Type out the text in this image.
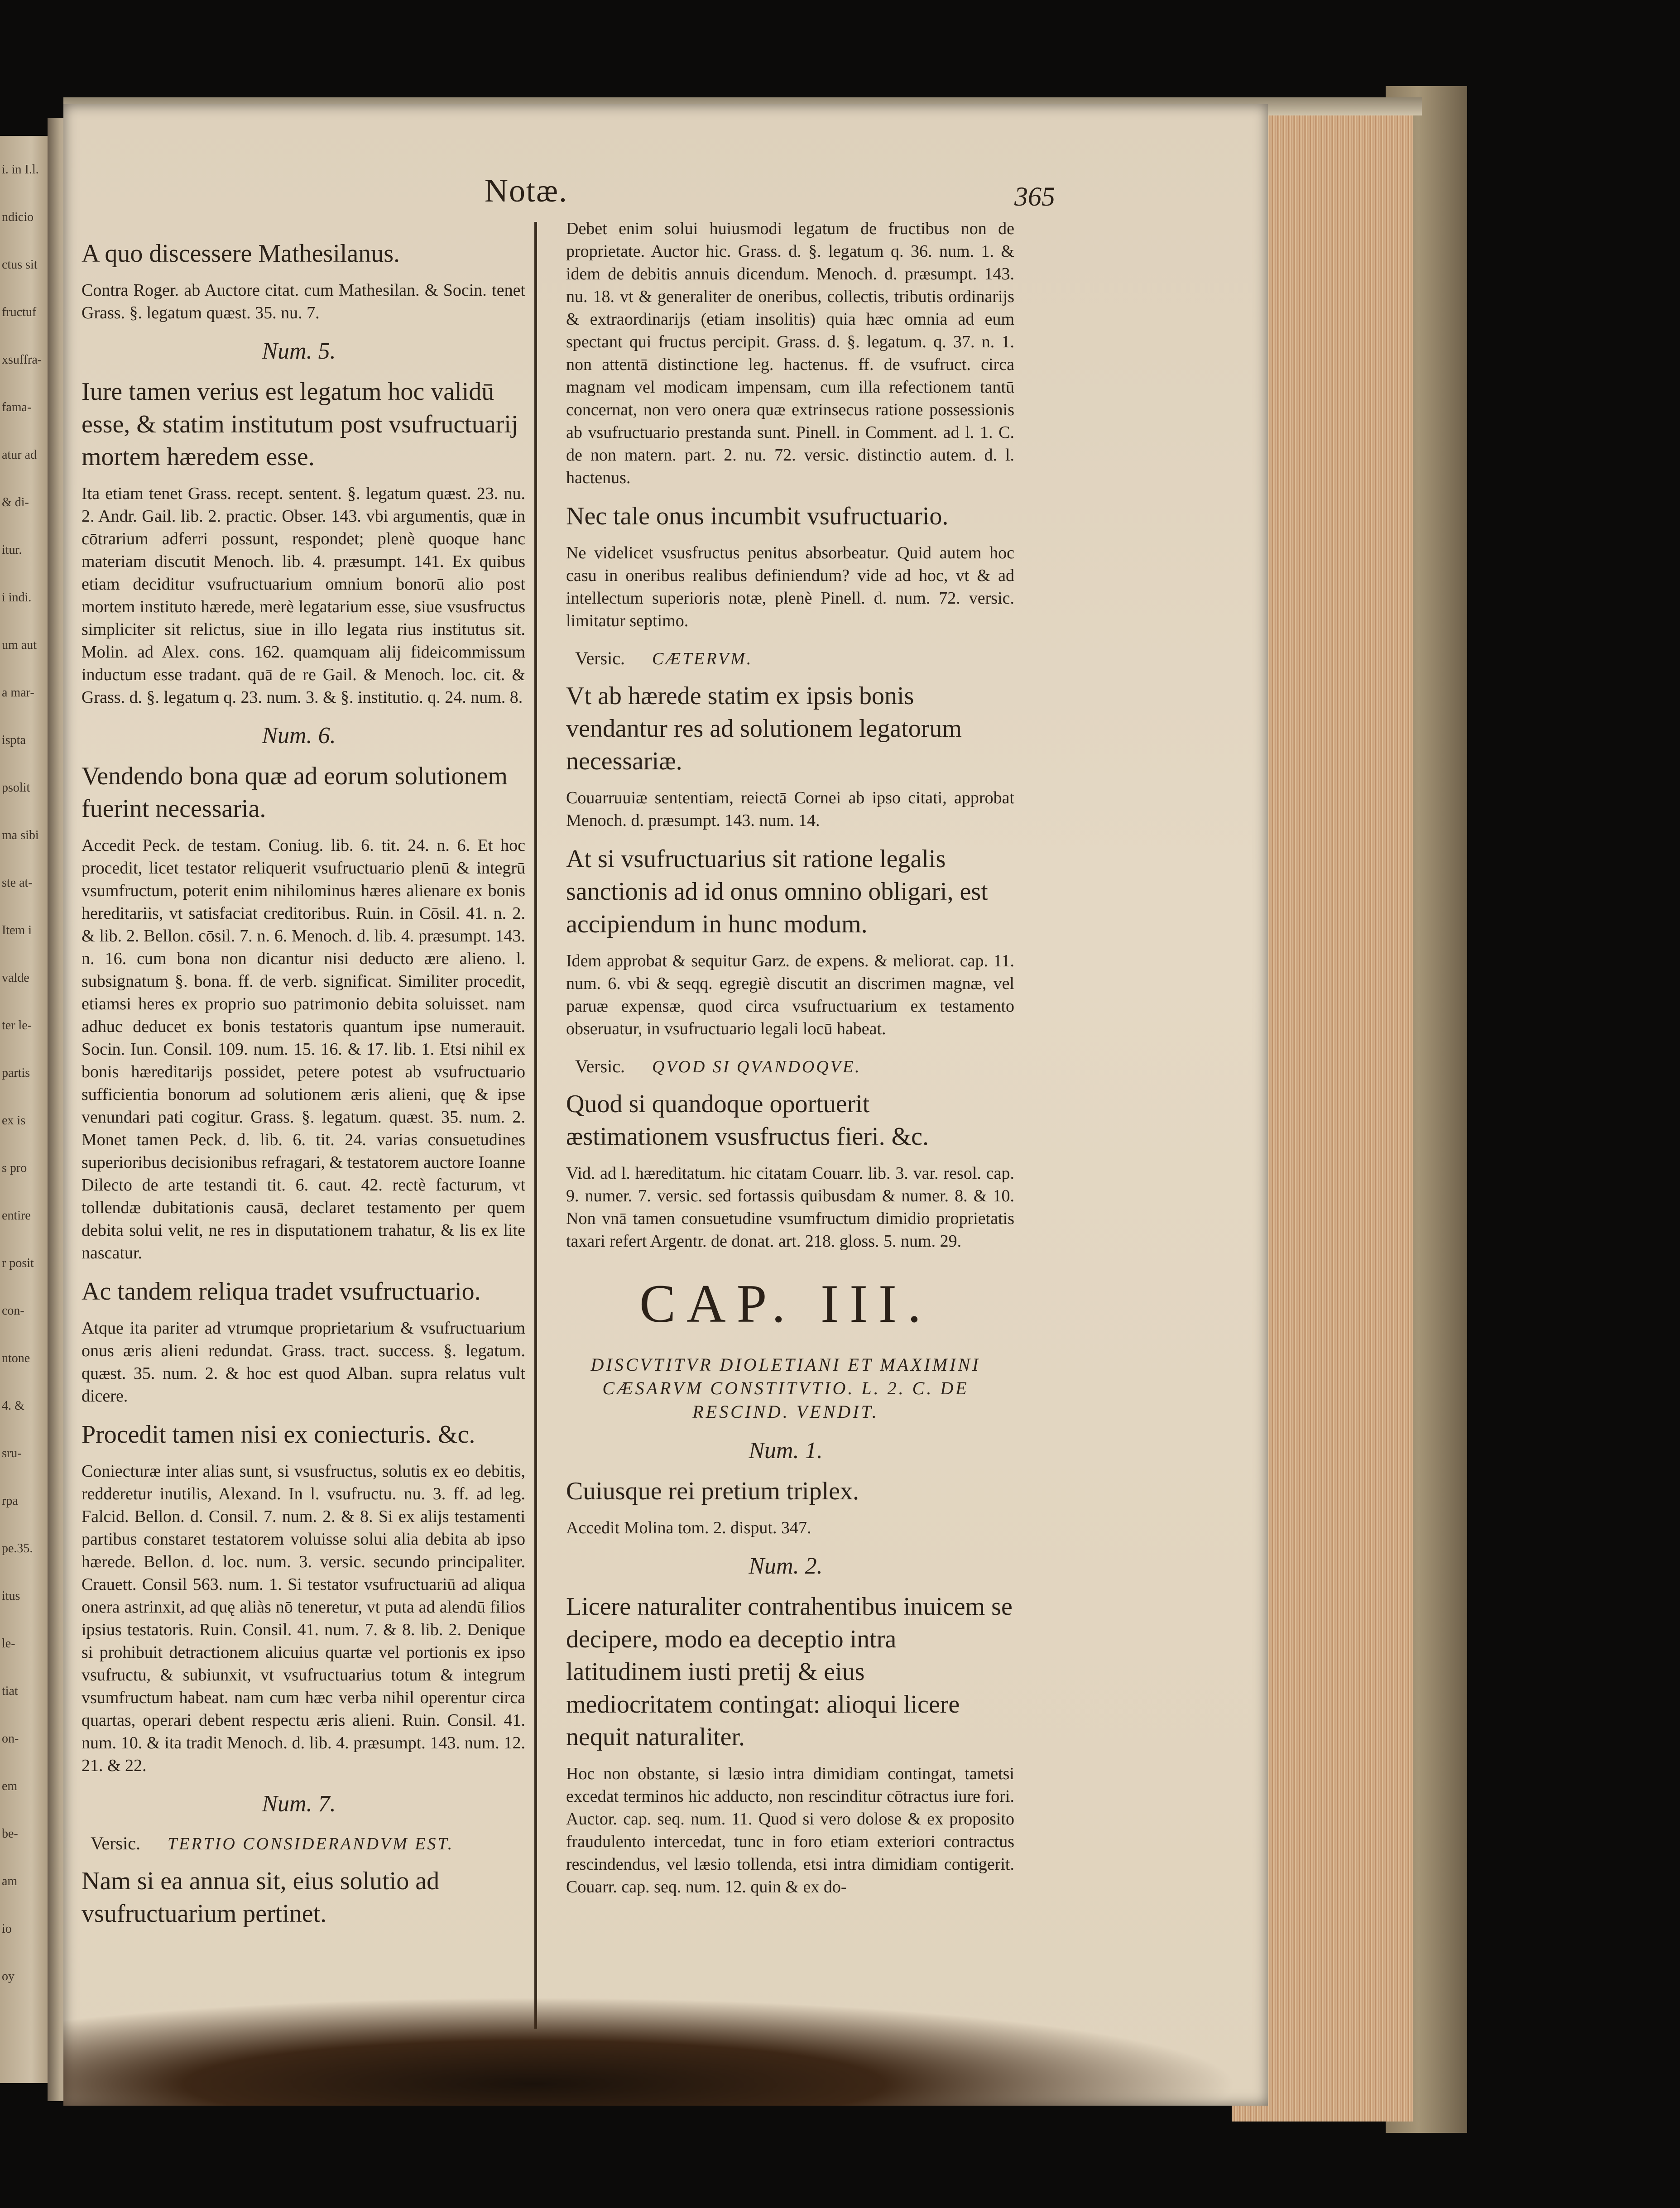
i. in I.l.
ndicio
ctus sit
fructuf
xsuffra-
fama-
atur ad
& di-
itur.
i indi.
um aut
a mar-
ispta
psolit
ma sibi
ste at-
Item i
valde
ter le-
partis
ex is
s pro
entire
r posit
con-
ntone
4. &
sru-
rpa
pe.35.
itus
le-
tiat
on-
em
be-
am
io
oy
Notæ.	365
A quo discessere Mathesilanus.
Contra Roger. ab Auctore citat. cum Mathesilan. & Socin. tenet Grass. §. legatum quæst. 35. nu. 7.
Num. 5.
Iure tamen verius est legatum hoc validū esse, & statim institutum post vsufructuarij mortem hæredem esse.
Ita etiam tenet Grass. recept. sentent. §. legatum quæst. 23. nu. 2. Andr. Gail. lib. 2. practic. Obser. 143. vbi argumentis, quæ in cōtrarium adferri possunt, respondet; plenè quoque hanc materiam discutit Menoch. lib. 4. præsumpt. 141. Ex quibus etiam deciditur vsufructuarium omnium bonorū alio post mortem instituto hærede, merè legatarium esse, siue vsusfructus simpliciter sit relictus, siue in illo legata rius institutus sit. Molin. ad Alex. cons. 162. quamquam alij fideicommissum inductum esse tradant. quā de re Gail. & Menoch. loc. cit. & Grass. d. §. legatum q. 23. num. 3. & §. institutio. q. 24. num. 8.
Num. 6.
Vendendo bona quæ ad eorum solutionem fuerint necessaria.
Accedit Peck. de testam. Coniug. lib. 6. tit. 24. n. 6. Et hoc procedit, licet testator reliquerit vsufructuario plenū & integrū vsumfructum, poterit enim nihilominus hæres alienare ex bonis hereditariis, vt satisfaciat creditoribus. Ruin. in Cōsil. 41. n. 2. & lib. 2. Bellon. cōsil. 7. n. 6. Menoch. d. lib. 4. præsumpt. 143. n. 16. cum bona non dicantur nisi deducto ære alieno. l. subsignatum §. bona. ff. de verb. significat. Similiter procedit, etiamsi heres ex proprio suo patrimonio debita soluisset. nam adhuc deducet ex bonis testatoris quantum ipse numerauit. Socin. Iun. Consil. 109. num. 15. 16. & 17. lib. 1. Etsi nihil ex bonis hæreditarijs possidet, petere potest ab vsufructuario sufficientia bonorum ad solutionem æris alieni, quę & ipse venundari pati cogitur. Grass. §. legatum. quæst. 35. num. 2. Monet tamen Peck. d. lib. 6. tit. 24. varias consuetudines superioribus decisionibus refragari, & testatorem auctore Ioanne Dilecto de arte testandi tit. 6. caut. 42. rectè facturum, vt tollendæ dubitationis causā, declaret testamento per quem debita solui velit, ne res in disputationem trahatur, & lis ex lite nascatur.
Ac tandem reliqua tradet vsufructuario.
Atque ita pariter ad vtrumque proprietarium & vsufructuarium onus æris alieni redundat. Grass. tract. success. §. legatum. quæst. 35. num. 2. & hoc est quod Alban. supra relatus vult dicere.
Procedit tamen nisi ex coniecturis. &c.
Coniecturæ inter alias sunt, si vsusfructus, solutis ex eo debitis, redderetur inutilis, Alexand. In l. vsufructu. nu. 3. ff. ad leg. Falcid. Bellon. d. Consil. 7. num. 2. & 8. Si ex alijs testamenti partibus constaret testatorem voluisse solui alia debita ab ipso hærede. Bellon. d. loc. num. 3. versic. secundo principaliter. Crauett. Consil 563. num. 1. Si testator vsufructuariū ad aliqua onera astrinxit, ad quę aliàs nō teneretur, vt puta ad alendū filios ipsius testatoris. Ruin. Consil. 41. num. 7. & 8. lib. 2. Denique si prohibuit detractionem alicuius quartæ vel portionis ex ipso vsufructu, & subiunxit, vt vsufructuarius totum & integrum vsumfructum habeat. nam cum hæc verba nihil operentur circa quartas, operari debent respectu æris alieni. Ruin. Consil. 41. num. 10. & ita tradit Menoch. d. lib. 4. præsumpt. 143. num. 12. 21. & 22.
Num. 7.
Versic. TERTIO CONSIDERANDVM EST.
Nam si ea annua sit, eius solutio ad vsufructuarium pertinet.
Debet enim solui huiusmodi legatum de fructibus non de proprietate. Auctor hic. Grass. d. §. legatum q. 36. num. 1. & idem de debitis annuis dicendum. Menoch. d. præsumpt. 143. nu. 18. vt & generaliter de oneribus, collectis, tributis ordinarijs & extraordinarijs (etiam insolitis) quia hæc omnia ad eum spectant qui fructus percipit. Grass. d. §. legatum. q. 37. n. 1. non attentā distinctione leg. hactenus. ff. de vsufruct. circa magnam vel modicam impensam, cum illa refectionem tantū concernat, non vero onera quæ extrinsecus ratione possessionis ab vsufructuario prestanda sunt. Pinell. in Comment. ad l. 1. C. de non matern. part. 2. nu. 72. versic. distinctio autem. d. l. hactenus.
Nec tale onus incumbit vsufructuario.
Ne videlicet vsusfructus penitus absorbeatur. Quid autem hoc casu in oneribus realibus definiendum? vide ad hoc, vt & ad intellectum superioris notæ, plenè Pinell. d. num. 72. versic. limitatur septimo.
Versic. CÆTERVM.
Vt ab hærede statim ex ipsis bonis vendantur res ad solutionem legatorum necessariæ.
Couarruuiæ sententiam, reiectā Cornei ab ipso citati, approbat Menoch. d. præsumpt. 143. num. 14.
At si vsufructuarius sit ratione legalis sanctionis ad id onus omnino obligari, est accipiendum in hunc modum.
Idem approbat & sequitur Garz. de expens. & meliorat. cap. 11. num. 6. vbi & seqq. egregiè discutit an discrimen magnæ, vel paruæ expensæ, quod circa vsufructuarium ex testamento obseruatur, in vsufructuario legali locū habeat.
Versic. QVOD SI QVANDOQVE.
Quod si quandoque oportuerit æstimationem vsusfructus fieri. &c.
Vid. ad l. hæreditatum. hic citatam Couarr. lib. 3. var. resol. cap. 9. numer. 7. versic. sed fortassis quibusdam & numer. 8. & 10. Non vnā tamen consuetudine vsumfructum dimidio proprietatis taxari refert Argentr. de donat. art. 218. gloss. 5. num. 29.
CAP. III.
DISCVTITVR DIOLETIANI ET MAXIMINI CÆSARVM CONSTITVTIO. L. 2. C. DE RESCIND. VENDIT.
Num. 1.
Cuiusque rei pretium triplex.
Accedit Molina tom. 2. disput. 347.
Num. 2.
Licere naturaliter contrahentibus inuicem se decipere, modo ea deceptio intra latitudinem iusti pretij & eius mediocritatem contingat: alioqui licere nequit naturaliter.
Hoc non obstante, si læsio intra dimidiam contingat, tametsi excedat terminos hic adducto, non rescinditur cōtractus iure fori. Auctor. cap. seq. num. 11. Quod si vero dolose & ex proposito fraudulento intercedat, tunc in foro etiam exteriori contractus rescindendus, vel læsio tollenda, etsi intra dimidiam contigerit. Couarr. cap. seq. num. 12. quin & ex do-
